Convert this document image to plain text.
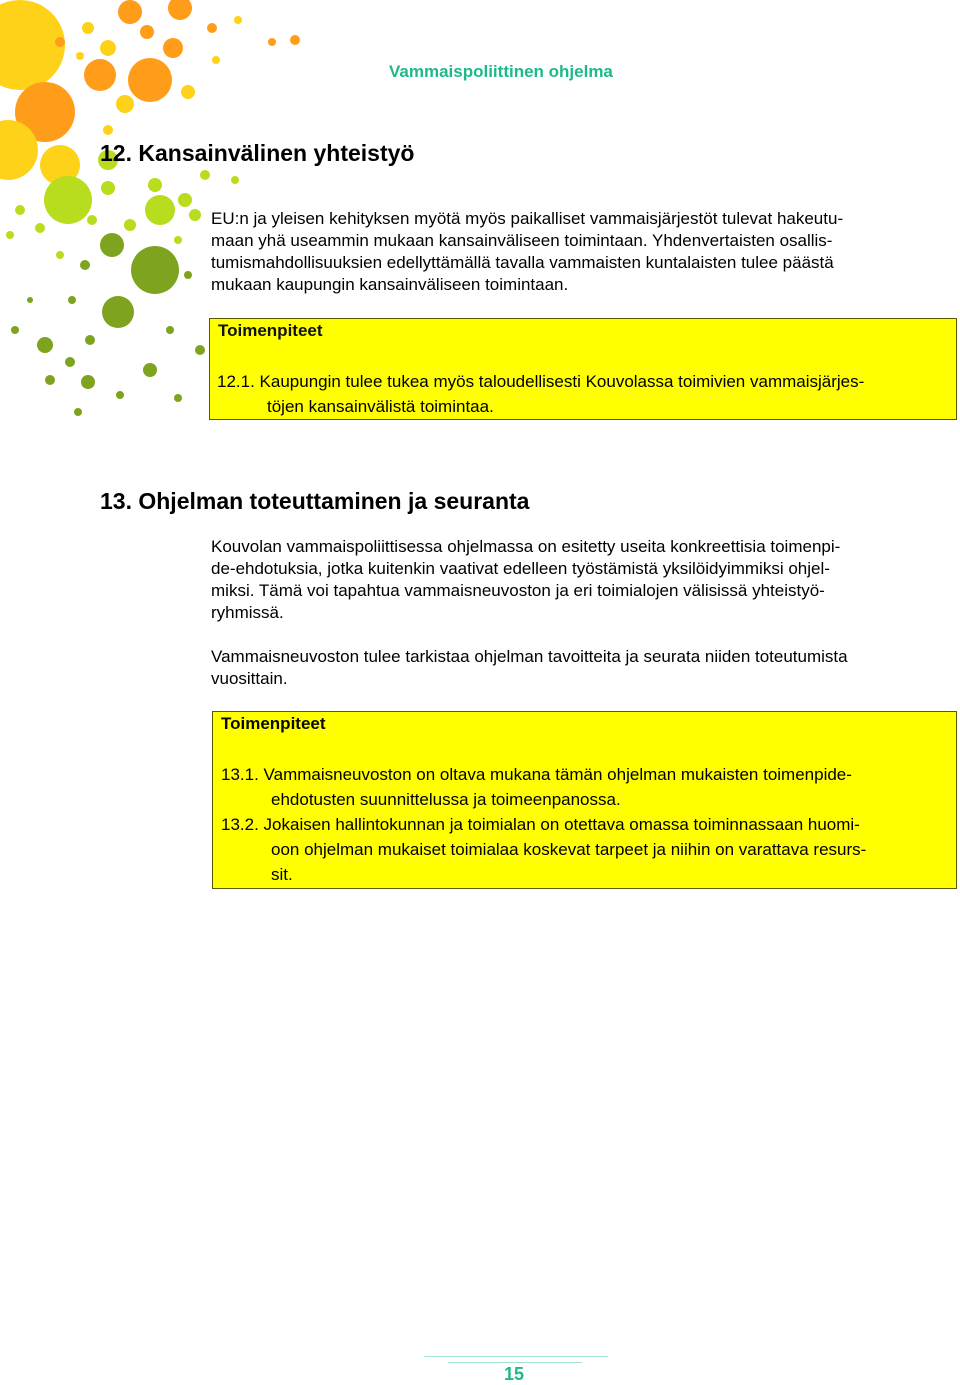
Vammaispoliittinen ohjelma
12. Kansainvälinen yhteistyö

EU:n ja yleisen kehityksen myötä myös paikalliset vammaisjärjestöt tulevat hakeutu-
maan yhä useammin mukaan kansainväliseen toimintaan. Yhdenvertaisten osallis-
tumismahdollisuuksien edellyttämällä tavalla vammaisten kuntalaisten tulee päästä
mukaan kaupungin kansainväliseen toimintaan.

Toimenpiteet
12.1. Kaupungin tulee tukea myös taloudellisesti Kouvolassa toimivien vammaisjärjes-
töjen kansainvälistä toimintaa.
13. Ohjelman toteuttaminen ja seuranta

Kouvolan vammaispoliittisessa ohjelmassa on esitetty useita konkreettisia toimenpi-
de-ehdotuksia, jotka kuitenkin vaativat edelleen työstämistä yksilöidyimmiksi ohjel-
miksi. Tämä voi tapahtua vammaisneuvoston ja eri toimialojen välisissä yhteistyö-
ryhmissä.

Vammaisneuvoston tulee tarkistaa ohjelman tavoitteita ja seurata niiden toteutumista
vuosittain.

Toimenpiteet
13.1. Vammaisneuvoston on oltava mukana tämän ohjelman mukaisten toimenpide-
ehdotusten suunnittelussa ja toimeenpanossa.
13.2. Jokaisen hallintokunnan ja toimialan on otettava omassa toiminnassaan huomi-
oon ohjelman mukaiset toimialaa koskevat tarpeet ja niihin on varattava resurs-
sit.
15
